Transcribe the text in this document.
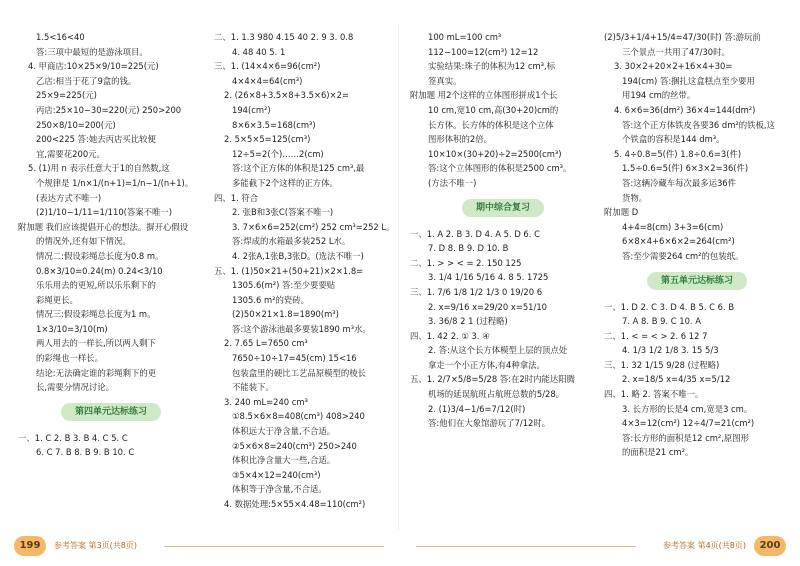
1.5<16<40
答:三项中最短的是游泳项目。
4. 甲商店:10×25×9/10=225(元)
乙店:相当于花了9盒的钱。
25×9=225(元)
丙店:25×10−30=220(元) 250>200
250×8/10=200(元)
200<225 答:她去丙店买比较便
宜,需要花200元。
5. (1)用 n 表示任意大于1的自然数,这
个规律是 1/n×1/(n+1)=1/n−1/(n+1)。
(表达方式不唯一)
(2)1/10−1/11=1/110(答案不唯一)
附加题 我们应该提倡开心的想法。摒开心假设
的情况外,还有如下情况。
情况二:假设彩绳总长度为0.8 m。
0.8×3/10=0.24(m) 0.24<3/10
乐乐用去的更短,所以乐乐剩下的
彩绳更长。
情况三:假设彩绳总长度为1 m。
1×3/10=3/10(m)
两人用去的一样长,所以两人剩下
的彩绳也一样长。
结论:无法确定谁的彩绳剩下的更
长,需要分情况讨论。
第四单元达标练习
一、1. C 2. B 3. B 4. C 5. C
6. C 7. B 8. B 9. B 10. C
二、1. 1.3 980 4.15 40 2. 9 3. 0.8
4. 48 40 5. 1
三、1. (14×4×6=96(cm²)
4×4×4=64(cm³)
2. (26×8+3.5×8+3.5×6)×2=
194(cm²)
8×6×3.5=168(cm³)
2. 5×5×5=125(cm³)
12÷5=2(个)……2(cm)
答:这个正方体的体积是125 cm³,最
多能截下2个这样的正方体。
四、1. 符合
2. 张B和3张C(答案不唯一)
3. 7×6×6=252(cm²) 252 cm³=252 L。
答:焊成的水箱最多装252 L水。
4. 2张A,1张B,3张D。(选法不唯一)
五、1. (1)50×21+(50+21)×2×1.8=
1305.6(m²) 答:至少要要贴
1305.6 m²的瓷砖。
(2)50×21×1.8=1890(m³)
答:这个游泳池最多要装1890 m³水。
2. 7.65 L=7650 cm³
7650÷10÷17=45(cm) 15<16
包装盒里的硬比工艺品原模型的棱长
不能装下。
3. 240 mL=240 cm³
①8.5×6×8=408(cm³) 408>240
体积远大于净含量,不合适。
②5×6×8=240(cm³) 250>240
体积比净含量大一些,合适。
③5×4×12=240(cm³)
体积等于净含量,不合适。
4. 数据处理:5×55×4.48=110(cm²)
100 mL=100 cm³
112−100=12(cm³) 12=12
实验结果:珠子的体积为12 cm³,标
签真实。
附加题 用2个这样的立体图形拼成1个长
10 cm,宽10 cm,高(30+20)cm的
长方体。长方体的体积是这个立体
图形体积的2倍。
10×10×(30+20)÷2=2500(cm³)
答:这个立体图形的体积是2500 cm³。
(方法不唯一)
期中综合复习
一、1. A 2. B 3. D 4. A 5. D 6. C
7. D 8. B 9. D 10. B
二、1. > > < = 2. 150 125
3. 1/4 1/16 5/16 4. 8 5. 1725
三、1. 7/6 1/8 1/2 1/3 0 19/20 6
2. x=9/16 x=29/20 x=51/10
3. 36/8 2 1 (过程略)
四、1. 42 2. ① 3. ④
2. 答:从这个长方体模型上层的顶点处
拿走一个小正方体,有4种拿法。
五、1. 2/7×5/8=5/28 答:在2时内能达阳腾
机场的延误航班占航班总数的5/28。
2. (1)3/4−1/6=7/12(时)
答:他们在大象馆游玩了7/12时。
(2)5/3+1/4+15/4=47/30(时) 答:游玩前
三个景点一共用了47/30时。
3. 30×2+20×2+16×4+30=
194(cm) 答:捆扎这盒糕点至少要用
用194 cm的丝带。
4. 6×6=36(dm²) 36×4=144(dm²)
答:这个正方体铁皮各要36 dm²的铁板,这
个铁盒的容积是144 dm³。
5. 4÷0.8=5(件) 1.8÷0.6=3(件)
1.5÷0.6=5(件) 6×3×2=36(件)
答:这辆冷藏车每次最多运36件
货物。
附加题 D
4+4=8(cm) 3+3=6(cm)
6×8×4+6×6×2=264(cm²)
答:至少需要264 cm²的包装纸。
第五单元达标练习
一、1. D 2. C 3. D 4. B 5. C 6. B
7. A 8. B 9. C 10. A
二、1. < = < > 2. 6 12 7
4. 1/3 1/2 1/8 3. 15 5/3
三、1. 32 1/15 9/28 (过程略)
2. x=18/5 x=4/35 x=5/12
四、1. 略 2. 答案不唯一。
3. 长方形的长是4 cm,宽是3 cm。
4×3=12(cm²) 12÷4/7=21(cm²)
答:长方形的面积是12 cm²,原图形
的面积是21 cm²。
199	参考答案 第3页(共8页)	200
参考答案 第4页(共8页)
